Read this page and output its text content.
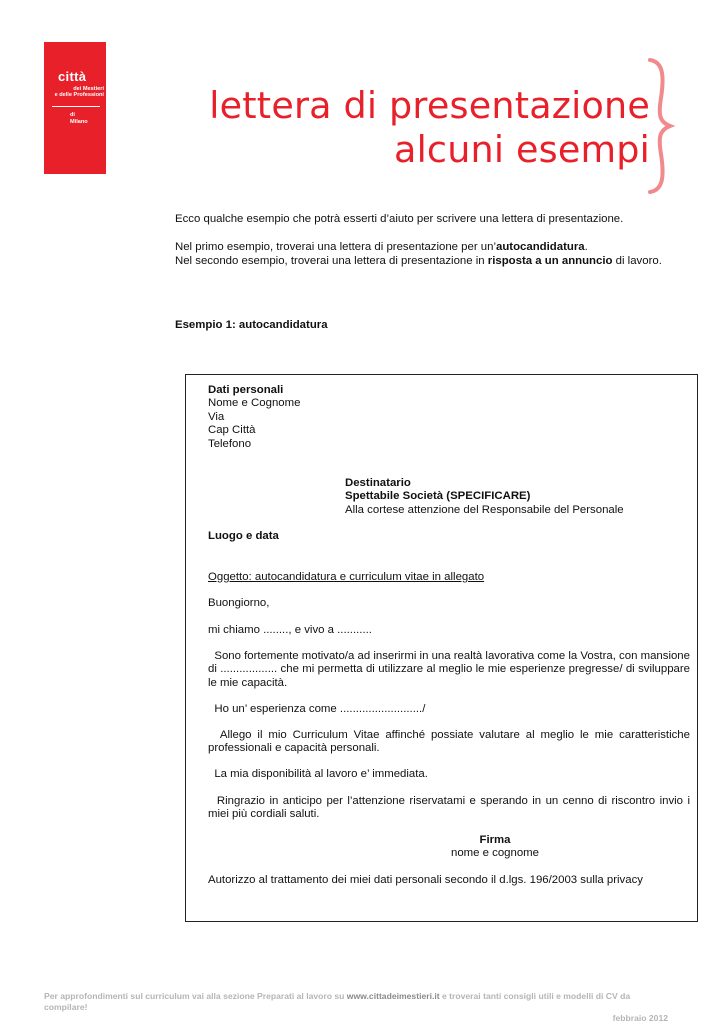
città
dei Mestieri
e delle Professioni
di
Milano	lettera di presentazione
alcuni esempi

Ecco qualche esempio che potrà esserti d’aiuto per scrivere una lettera di presentazione.

Nel primo esempio, troverai una lettera di presentazione per un’autocandidatura.

Nel secondo esempio, troverai una lettera di presentazione in risposta a un annuncio di lavoro.

Esempio 1: autocandidatura

Dati personali

Nome e Cognome

Via

Cap Città

Telefono

Destinatario

Spettabile Società (SPECIFICARE)

Alla cortese attenzione del Responsabile del Personale

Luogo e data
Oggetto: autocandidatura e curriculum vitae in allegato
Buongiorno,
mi chiamo ........, e vivo a ...........
Sono fortemente motivato/a ad inserirmi in una realtà lavorativa come la Vostra, con mansione di .................. che mi permetta di utilizzare al meglio le mie esperienze pregresse/ di sviluppare le mie capacità.
Ho un’ esperienza come ........................../
Allego il mio Curriculum Vitae affinché possiate valutare al meglio le mie caratteristiche professionali e capacità personali.
La mia disponibilità al lavoro e’ immediata.
Ringrazio in anticipo per l’attenzione riservatami e sperando in un cenno di riscontro invio i miei più cordiali saluti.

Firma

nome e cognome

Autorizzo al trattamento dei miei dati personali secondo il d.lgs. 196/2003 sulla privacy
Per approfondimenti sul curriculum vai alla sezione Preparati al lavoro su www.cittadeimestieri.it e troverai tanti consigli utili e modelli di CV da compilare!
febbraio 2012
